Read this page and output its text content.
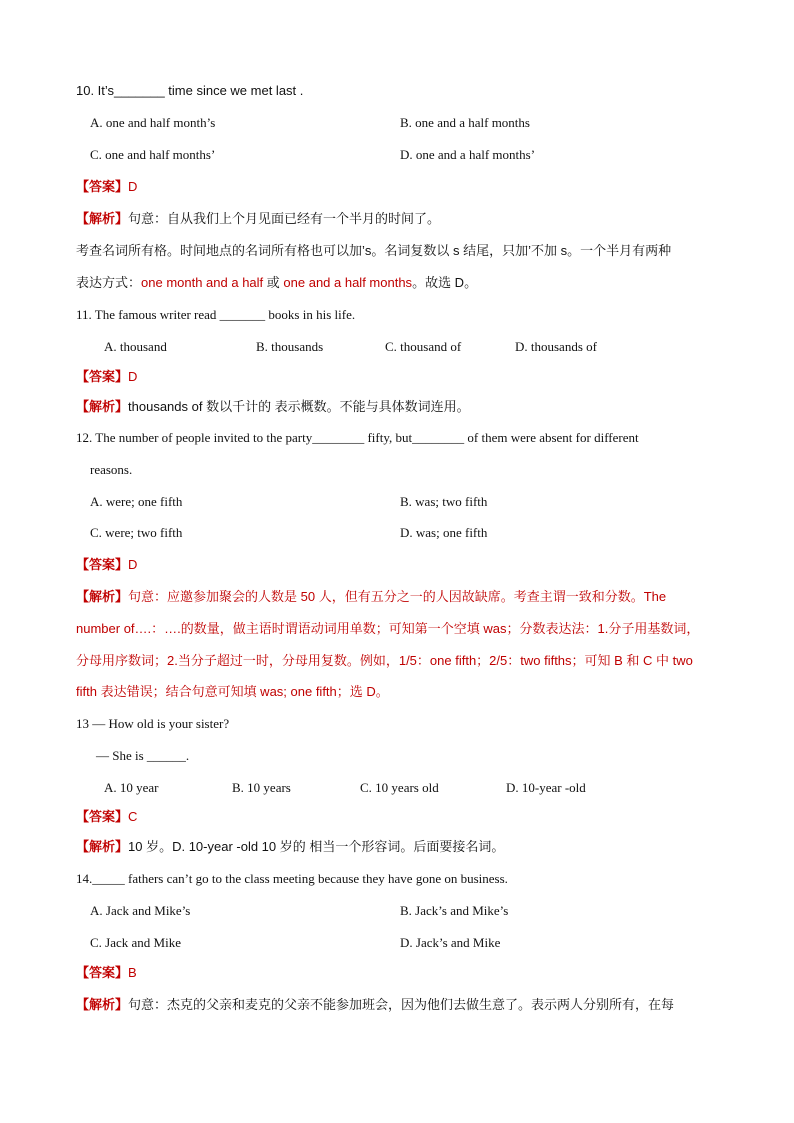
10. It’s_______ time since we met last .
A. one and half month’s	B. one and a half months
C. one and half months’	D. one and a half months’
【答案】D
【解析】句意：自从我们上个月见面已经有一个半月的时间了。
考查名词所有格。时间地点的名词所有格也可以加’s。名词复数以 s 结尾，只加’不加 s。一个半月有两种
表达方式：one month and a half 或 one and a half months。故选 D。
11. The famous writer read _______ books in his life.
A. thousand	B. thousands	C. thousand of	D. thousands of
【答案】D
【解析】thousands of 数以千计的 表示概数。不能与具体数词连用。
12. The number of people invited to the party________ fifty, but________ of them were absent for different
reasons.
A. were; one fifth	B. was; two fifth
C. were; two fifth	D. was; one fifth
【答案】D
【解析】句意：应邀参加聚会的人数是 50 人，但有五分之一的人因故缺席。考查主谓一致和分数。The
number of….：….的数量，做主语时谓语动词用单数；可知第一个空填 was；分数表达法：1.分子用基数词，
分母用序数词；2.当分子超过一时，分母用复数。例如，1/5：one fifth；2/5：two fifths；可知 B 和 C 中 two
fifth 表达错误；结合句意可知填 was; one fifth；选 D。
13 — How old is your sister?
— She is ______.
A. 10 year	B. 10 years	C. 10 years old	D. 10-year -old
【答案】C
【解析】10 岁。D. 10-year -old 10 岁的 相当一个形容词。后面要接名词。
14._____ fathers can’t go to the class meeting because they have gone on business.
A. Jack and Mike’s	B. Jack’s and Mike’s
C. Jack and Mike	D. Jack’s and Mike
【答案】B
【解析】句意：杰克的父亲和麦克的父亲不能参加班会，因为他们去做生意了。表示两人分别所有，在每
